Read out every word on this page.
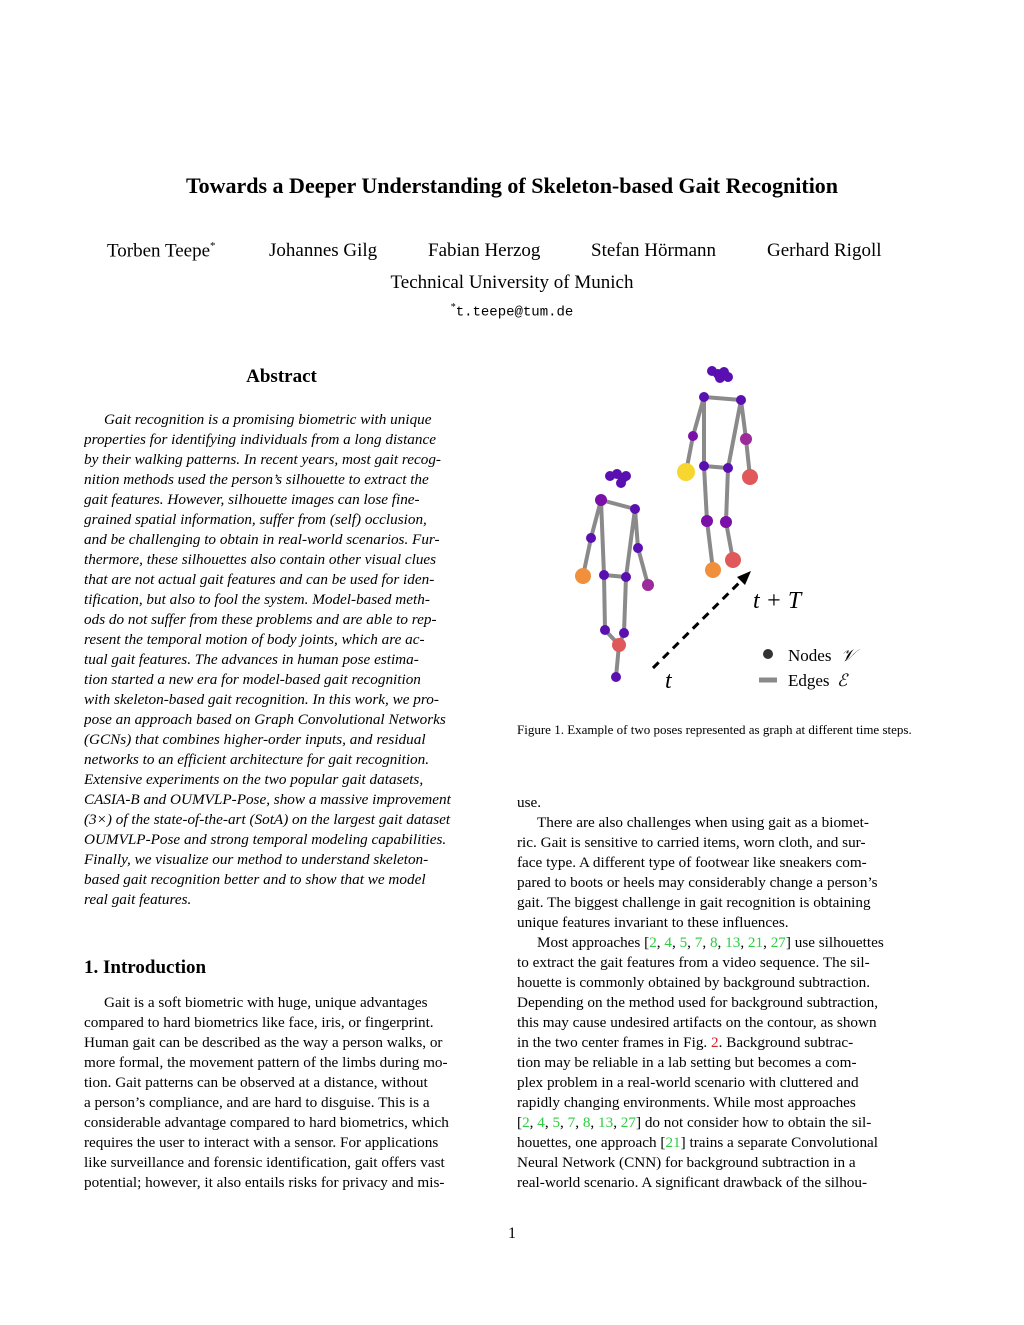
Towards a Deeper Understanding of Skeleton-based Gait Recognition
Torben Teepe*	Johannes Gilg	Fabian Herzog	Stefan Hörmann	Gerhard Rigoll
Technical University of Munich
*t.teepe@tum.de
Abstract
Gait recognition is a promising biometric with unique
properties for identifying individuals from a long distance
by their walking patterns. In recent years, most gait recog-
nition methods used the person’s silhouette to extract the
gait features. However, silhouette images can lose fine-
grained spatial information, suffer from (self) occlusion,
and be challenging to obtain in real-world scenarios. Fur-
thermore, these silhouettes also contain other visual clues
that are not actual gait features and can be used for iden-
tification, but also to fool the system. Model-based meth-
ods do not suffer from these problems and are able to rep-
resent the temporal motion of body joints, which are ac-
tual gait features. The advances in human pose estima-
tion started a new era for model-based gait recognition
with skeleton-based gait recognition. In this work, we pro-
pose an approach based on Graph Convolutional Networks
(GCNs) that combines higher-order inputs, and residual
networks to an efficient architecture for gait recognition.
Extensive experiments on the two popular gait datasets,
CASIA-B and OUMVLP-Pose, show a massive improvement
(3×) of the state-of-the-art (SotA) on the largest gait dataset
OUMVLP-Pose and strong temporal modeling capabilities.
Finally, we visualize our method to understand skeleton-
based gait recognition better and to show that we model
real gait features.
1. Introduction
Gait is a soft biometric with huge, unique advantages
compared to hard biometrics like face, iris, or fingerprint.
Human gait can be described as the way a person walks, or
more formal, the movement pattern of the limbs during mo-
tion. Gait patterns can be observed at a distance, without
a person’s compliance, and are hard to disguise. This is a
considerable advantage compared to hard biometrics, which
requires the user to interact with a sensor. For applications
like surveillance and forensic identification, gait offers vast
potential; however, it also entails risks for privacy and mis-
t
t + T
Nodes 𝒱
Edges ℰ
Figure 1. Example of two poses represented as graph at different time steps.
use.
There are also challenges when using gait as a biomet-
ric. Gait is sensitive to carried items, worn cloth, and sur-
face type. A different type of footwear like sneakers com-
pared to boots or heels may considerably change a person’s
gait. The biggest challenge in gait recognition is obtaining
unique features invariant to these influences.
Most approaches [2, 4, 5, 7, 8, 13, 21, 27] use silhouettes
to extract the gait features from a video sequence. The sil-
houette is commonly obtained by background subtraction.
Depending on the method used for background subtraction,
this may cause undesired artifacts on the contour, as shown
in the two center frames in Fig. 2. Background subtrac-
tion may be reliable in a lab setting but becomes a com-
plex problem in a real-world scenario with cluttered and
rapidly changing environments. While most approaches
[2, 4, 5, 7, 8, 13, 27] do not consider how to obtain the sil-
houettes, one approach [21] trains a separate Convolutional
Neural Network (CNN) for background subtraction in a
real-world scenario. A significant drawback of the silhou-
1
